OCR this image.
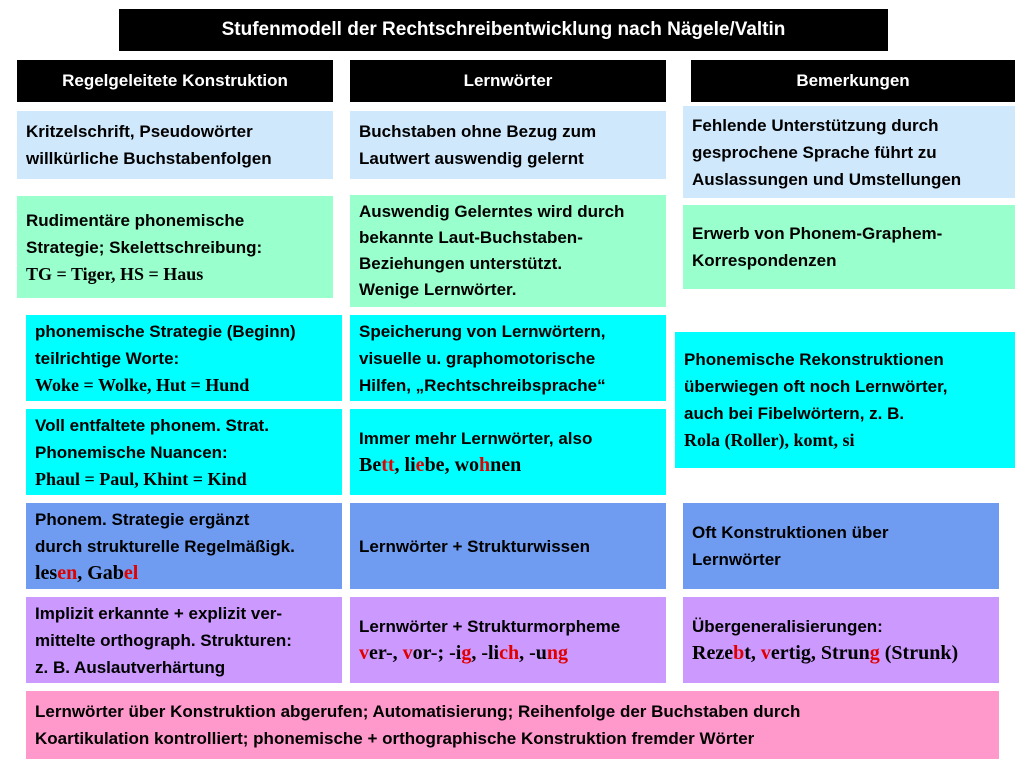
Stufenmodell der Rechtschreibentwicklung nach Nägele/Valtin
Regelgeleitete Konstruktion	Lernwörter	Bemerkungen
Kritzelschrift, Pseudowörter
willkürliche Buchstabenfolgen
Buchstaben ohne Bezug zum
Lautwert auswendig gelernt
Fehlende Unterstützung durch
gesprochene Sprache führt zu
Auslassungen und Umstellungen
Rudimentäre phonemische
Strategie; Skelettschreibung:
TG = Tiger, HS = Haus
Auswendig Gelerntes wird durch
bekannte Laut-Buchstaben-
Beziehungen unterstützt.
Wenige Lernwörter.
Erwerb von Phonem-Graphem-
Korrespondenzen
phonemische Strategie (Beginn)
teilrichtige Worte:
Woke = Wolke, Hut = Hund
Speicherung von Lernwörtern,
visuelle u. graphomotorische
Hilfen, „Rechtschreibsprache“
Phonemische Rekonstruktionen
überwiegen oft noch Lernwörter,
auch bei Fibelwörtern, z. B.
Rola (Roller), komt, si
Voll entfaltete phonem. Strat.
Phonemische Nuancen:
Phaul = Paul, Khint = Kind
Immer mehr Lernwörter, also
Bett, liebe, wohnen
Phonem. Strategie ergänzt
durch strukturelle Regelmäßigk.
lesen, Gabel
Lernwörter + Strukturwissen
Oft Konstruktionen über
Lernwörter
Implizit erkannte + explizit ver-
mittelte orthograph. Strukturen:
z. B. Auslautverhärtung
Lernwörter + Strukturmorpheme
ver-, vor-; -ig, -lich, -ung
Übergeneralisierungen:
Rezebt, vertig, Strung (Strunk)
Lernwörter über Konstruktion abgerufen; Automatisierung; Reihenfolge der Buchstaben durch
Koartikulation kontrolliert; phonemische + orthographische Konstruktion fremder Wörter
